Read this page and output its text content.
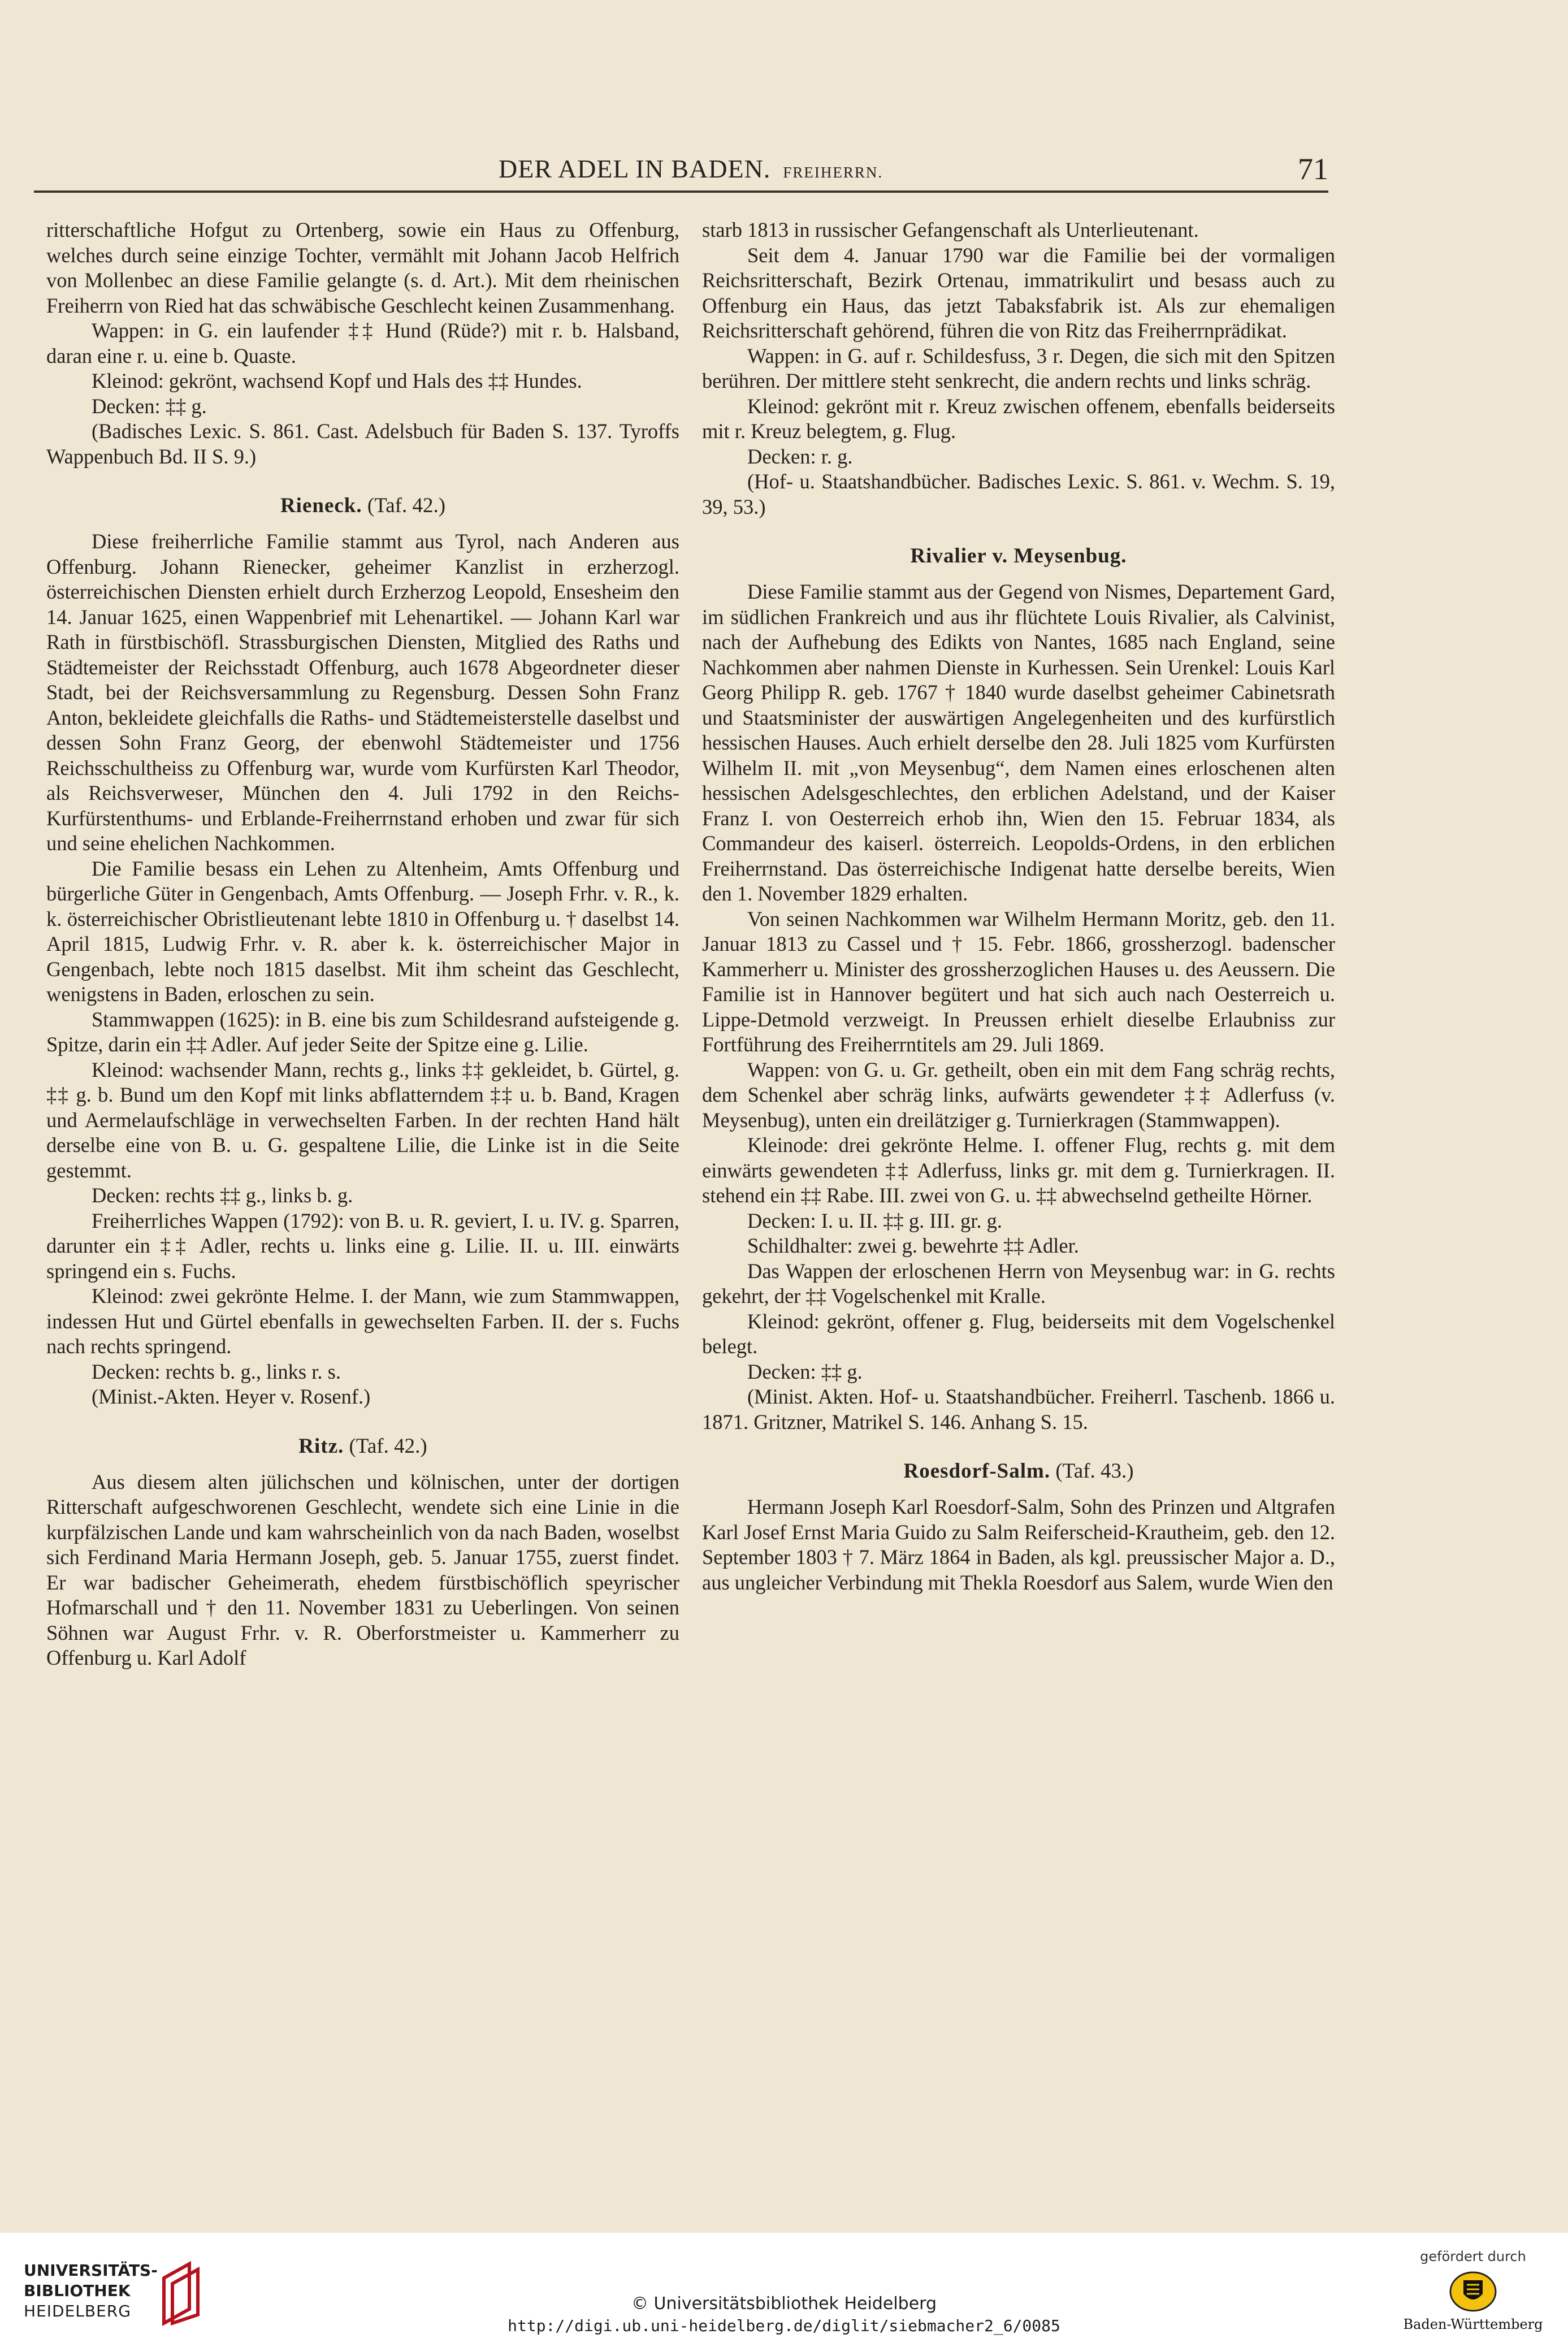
DER ADEL IN BADEN. FREIHERRN.	71

ritterschaftliche Hofgut zu Ortenberg, sowie ein Haus zu Offenburg, welches durch seine einzige Tochter, vermählt mit Johann Jacob Helfrich von Mollenbec an diese Familie gelangte (s. d. Art.). Mit dem rheinischen Freiherrn von Ried hat das schwäbische Geschlecht keinen Zusammenhang.

Wappen: in G. ein laufender ‡‡ Hund (Rüde?) mit r. b. Halsband, daran eine r. u. eine b. Quaste.

Kleinod: gekrönt, wachsend Kopf und Hals des ‡‡ Hundes.

Decken: ‡‡ g.

(Badisches Lexic. S. 861. Cast. Adelsbuch für Baden S. 137. Tyroffs Wappenbuch Bd. II S. 9.)

Rieneck. (Taf. 42.)

Diese freiherrliche Familie stammt aus Tyrol, nach Anderen aus Offenburg. Johann Rienecker, geheimer Kanzlist in erzherzogl. österreichischen Diensten erhielt durch Erzherzog Leopold, Ensesheim den 14. Januar 1625, einen Wappenbrief mit Lehenartikel. — Johann Karl war Rath in fürstbischöfl. Strassburgischen Diensten, Mitglied des Raths und Städtemeister der Reichsstadt Offenburg, auch 1678 Abgeordneter dieser Stadt, bei der Reichsversammlung zu Regensburg. Dessen Sohn Franz Anton, bekleidete gleichfalls die Raths- und Städtemeisterstelle daselbst und dessen Sohn Franz Georg, der ebenwohl Städtemeister und 1756 Reichsschultheiss zu Offenburg war, wurde vom Kurfürsten Karl Theodor, als Reichsverweser, München den 4. Juli 1792 in den Reichs-Kurfürstenthums- und Erblande-Freiherrnstand erhoben und zwar für sich und seine ehelichen Nachkommen.

Die Familie besass ein Lehen zu Altenheim, Amts Offenburg und bürgerliche Güter in Gengenbach, Amts Offenburg. — Joseph Frhr. v. R., k. k. österreichischer Obristlieutenant lebte 1810 in Offenburg u. † daselbst 14. April 1815, Ludwig Frhr. v. R. aber k. k. österreichischer Major in Gengenbach, lebte noch 1815 daselbst. Mit ihm scheint das Geschlecht, wenigstens in Baden, erloschen zu sein.

Stammwappen (1625): in B. eine bis zum Schildesrand aufsteigende g. Spitze, darin ein ‡‡ Adler. Auf jeder Seite der Spitze eine g. Lilie.

Kleinod: wachsender Mann, rechts g., links ‡‡ gekleidet, b. Gürtel, g. ‡‡ g. b. Bund um den Kopf mit links abflatterndem ‡‡ u. b. Band, Kragen und Aermelaufschläge in verwechselten Farben. In der rechten Hand hält derselbe eine von B. u. G. gespaltene Lilie, die Linke ist in die Seite gestemmt.

Decken: rechts ‡‡ g., links b. g.

Freiherrliches Wappen (1792): von B. u. R. geviert, I. u. IV. g. Sparren, darunter ein ‡‡ Adler, rechts u. links eine g. Lilie. II. u. III. einwärts springend ein s. Fuchs.

Kleinod: zwei gekrönte Helme. I. der Mann, wie zum Stammwappen, indessen Hut und Gürtel ebenfalls in gewechselten Farben. II. der s. Fuchs nach rechts springend.

Decken: rechts b. g., links r. s.

(Minist.-Akten. Heyer v. Rosenf.)

Ritz. (Taf. 42.)

Aus diesem alten jülichschen und kölnischen, unter der dortigen Ritterschaft aufgeschworenen Geschlecht, wendete sich eine Linie in die kurpfälzischen Lande und kam wahrscheinlich von da nach Baden, woselbst sich Ferdinand Maria Hermann Joseph, geb. 5. Januar 1755, zuerst findet. Er war badischer Geheimerath, ehedem fürstbischöflich speyrischer Hofmarschall und † den 11. November 1831 zu Ueberlingen. Von seinen Söhnen war August Frhr. v. R. Oberforstmeister u. Kammerherr zu Offenburg u. Karl Adolf

starb 1813 in russischer Gefangenschaft als Unterlieutenant.

Seit dem 4. Januar 1790 war die Familie bei der vormaligen Reichsritterschaft, Bezirk Ortenau, immatrikulirt und besass auch zu Offenburg ein Haus, das jetzt Tabaksfabrik ist. Als zur ehemaligen Reichsritterschaft gehörend, führen die von Ritz das Freiherrnprädikat.

Wappen: in G. auf r. Schildesfuss, 3 r. Degen, die sich mit den Spitzen berühren. Der mittlere steht senkrecht, die andern rechts und links schräg.

Kleinod: gekrönt mit r. Kreuz zwischen offenem, ebenfalls beiderseits mit r. Kreuz belegtem, g. Flug.

Decken: r. g.

(Hof- u. Staatshandbücher. Badisches Lexic. S. 861. v. Wechm. S. 19, 39, 53.)

Rivalier v. Meysenbug.

Diese Familie stammt aus der Gegend von Nismes, Departement Gard, im südlichen Frankreich und aus ihr flüchtete Louis Rivalier, als Calvinist, nach der Aufhebung des Edikts von Nantes, 1685 nach England, seine Nachkommen aber nahmen Dienste in Kurhessen. Sein Urenkel: Louis Karl Georg Philipp R. geb. 1767 † 1840 wurde daselbst geheimer Cabinetsrath und Staatsminister der auswärtigen Angelegenheiten und des kurfürstlich hessischen Hauses. Auch erhielt derselbe den 28. Juli 1825 vom Kurfürsten Wilhelm II. mit „von Meysenbug“, dem Namen eines erloschenen alten hessischen Adelsgeschlechtes, den erblichen Adelstand, und der Kaiser Franz I. von Oesterreich erhob ihn, Wien den 15. Februar 1834, als Commandeur des kaiserl. österreich. Leopolds-Ordens, in den erblichen Freiherrnstand. Das österreichische Indigenat hatte derselbe bereits, Wien den 1. November 1829 erhalten.

Von seinen Nachkommen war Wilhelm Hermann Moritz, geb. den 11. Januar 1813 zu Cassel und † 15. Febr. 1866, grossherzogl. badenscher Kammerherr u. Minister des grossherzoglichen Hauses u. des Aeussern. Die Familie ist in Hannover begütert und hat sich auch nach Oesterreich u. Lippe-Detmold verzweigt. In Preussen erhielt dieselbe Erlaubniss zur Fortführung des Freiherrntitels am 29. Juli 1869.

Wappen: von G. u. Gr. getheilt, oben ein mit dem Fang schräg rechts, dem Schenkel aber schräg links, aufwärts gewendeter ‡‡ Adlerfuss (v. Meysenbug), unten ein dreilätziger g. Turnierkragen (Stammwappen).

Kleinode: drei gekrönte Helme. I. offener Flug, rechts g. mit dem einwärts gewendeten ‡‡ Adlerfuss, links gr. mit dem g. Turnierkragen. II. stehend ein ‡‡ Rabe. III. zwei von G. u. ‡‡ abwechselnd getheilte Hörner.

Decken: I. u. II. ‡‡ g. III. gr. g.

Schildhalter: zwei g. bewehrte ‡‡ Adler.

Das Wappen der erloschenen Herrn von Meysenbug war: in G. rechts gekehrt, der ‡‡ Vogelschenkel mit Kralle.

Kleinod: gekrönt, offener g. Flug, beiderseits mit dem Vogelschenkel belegt.

Decken: ‡‡ g.

(Minist. Akten. Hof- u. Staatshandbücher. Freiherrl. Taschenb. 1866 u. 1871. Gritzner, Matrikel S. 146. Anhang S. 15.

Roesdorf-Salm. (Taf. 43.)

Hermann Joseph Karl Roesdorf-Salm, Sohn des Prinzen und Altgrafen Karl Josef Ernst Maria Guido zu Salm Reiferscheid-Krautheim, geb. den 12. September 1803 † 7. März 1864 in Baden, als kgl. preussischer Major a. D., aus ungleicher Verbindung mit Thekla Roesdorf aus Salem, wurde Wien den

UNIVERSITÄTS-
BIBLIOTHEK
HEIDELBERG	© Universitätsbibliothek Heidelberg
http://digi.ub.uni-heidelberg.de/diglit/siebmacher2_6/0085
gefördert durch
Baden-Württemberg
